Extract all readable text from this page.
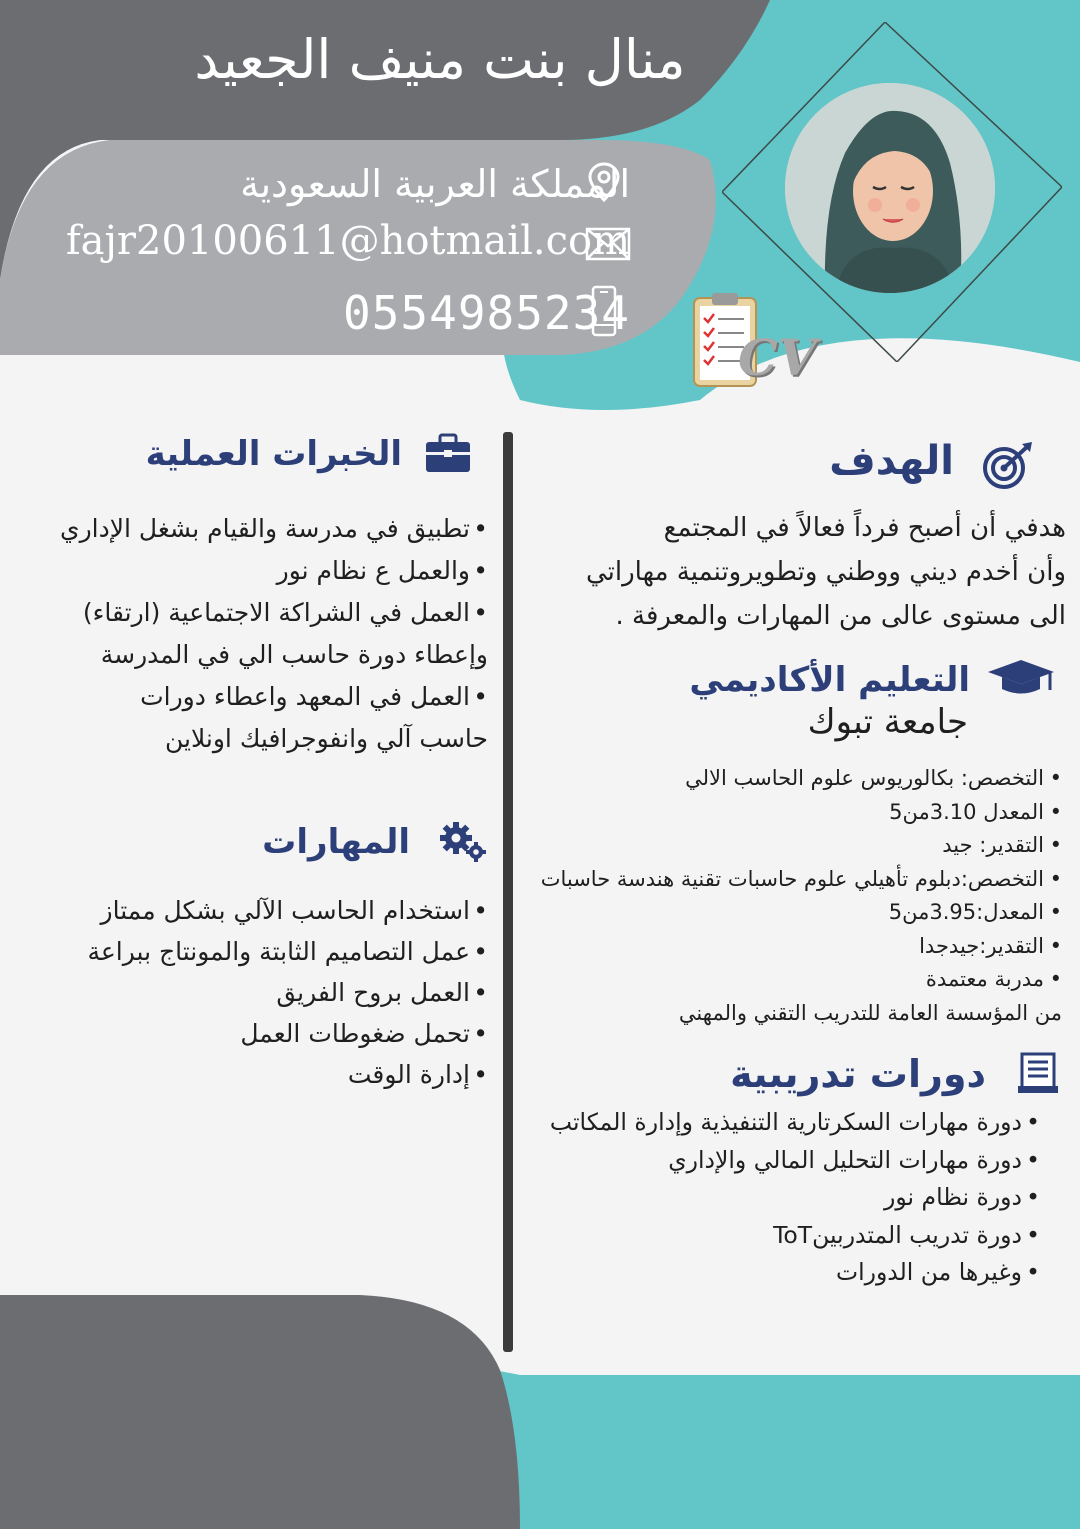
منال بنت منيف الجعيد
المملكة العربية السعودية
fajr20100611@hotmail.com
0554985234
CV
الخبرات العملية
• تطبيق في مدرسة والقيام بشغل الإداري
• والعمل ع نظام نور
• العمل في الشراكة الاجتماعية (ارتقاء)
وإعطاء دورة حاسب الي في المدرسة
• العمل في المعهد واعطاء دورات
حاسب آلي وانفوجرافيك اونلاين
المهارات
• استخدام الحاسب الآلي بشكل ممتاز
• عمل التصاميم الثابتة والمونتاج ببراعة
• العمل بروح الفريق
• تحمل ضغوطات العمل
• إدارة الوقت
الهدف
هدفي أن أصبح فرداً فعالاً في المجتمع
وأن أخدم ديني ووطني وتطويروتنمية مهاراتي
الى مستوى عالى من المهارات والمعرفة .
التعليم الأكاديمي
جامعة تبوك
• التخصص: بكالوريوس علوم الحاسب الالي
• المعدل 3.10من5
• التقدير: جيد
• التخصص:دبلوم تأهيلي علوم حاسبات تقنية هندسة حاسبات
• المعدل:3.95من5
• التقدير:جيدجدا
• مدربة معتمدة
من المؤسسة العامة للتدريب التقني والمهني
دورات تدريبية
• دورة مهارات السكرتارية التنفيذية وإدارة المكاتب
• دورة مهارات التحليل المالي والإداري
• دورة نظام نور
• دورة تدريب المتدربينToT
• وغيرها من الدورات
